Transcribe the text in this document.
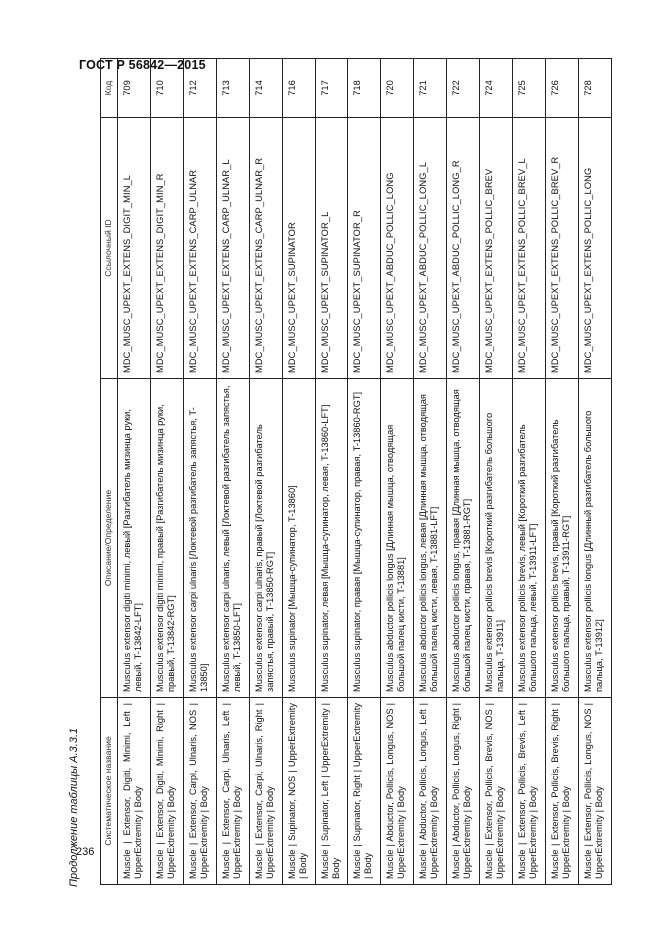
ГОСТ Р 56842—2015
Продолжение таблицы А.3.3.1	Систематическое название	Описание/Определение	Ссылочный ID	Код
Muscle | Extensor, Digiti, Minimi, Left | UpperExtremity | Body	Musculus extensor digiti minimi, левый [Разгибатель мизинца руки, левый, T-13842-LFT]	MDC_MUSC_UPEXT_EXTENS_DIGIT_MIN_L	709
Muscle | Extensor, Digiti, Minimi, Right | UpperExtremity | Body	Musculus extensor digiti minimi, правый [Разгибатель мизинца руки, правый, T-13842-RGT]	MDC_MUSC_UPEXT_EXTENS_DIGIT_MIN_R	710
Muscle | Extensor, Carpi, Ulnaris, NOS | UpperExtremity | Body	Musculus extensor carpi ulnaris [Локтевой разгибатель запястья, T-13850]	MDC_MUSC_UPEXT_EXTENS_CARP_ULNAR	712
Muscle | Extensor, Carpi, Ulnaris, Left | UpperExtremity | Body	Musculus extensor carpi ulnaris, левый [Локтевой разгибатель запястья, левый, T-13850-LFT]	MDC_MUSC_UPEXT_EXTENS_CARP_ULNAR_L	713
Muscle | Extensor, Carpi, Ulnaris, Right | UpperExtremity | Body	Musculus extensor carpi ulnaris, правый [Локтевой разгибатель запястья, правый, T-13850-RGT]	MDC_MUSC_UPEXT_EXTENS_CARP_ULNAR_R	714
Muscle | Supinator, NOS | UpperExtremity | Body	Musculus supinator [Мышца-супинатор, T-13860]	MDC_MUSC_UPEXT_SUPINATOR	716
Muscle | Supinator, Left | UpperExtremity | Body	Musculus supinator, левая [Мышца-супинатор, левая, T-13860-LFT]	MDC_MUSC_UPEXT_SUPINATOR_L	717
Muscle | Supinator, Right | UpperExtremity | Body	Musculus supinator, правая [Мышца-супинатор, правая, T-13860-RGT]	MDC_MUSC_UPEXT_SUPINATOR_R	718
Muscle | Abductor, Pollicis, Longus, NOS | UpperExtremity | Body	Musculus abductor pollicis longus [Длинная мышца, отводящая большой палец кисти, T-13881]	MDC_MUSC_UPEXT_ABDUC_POLLIC_LONG	720
Muscle | Abductor, Pollicis, Longus, Left | UpperExtremity | Body	Musculus abductor pollicis longus, левая [Длинная мышца, отводящая большой палец кисти, левая, T-13881-LFT]	MDC_MUSC_UPEXT_ABDUC_POLLIC_LONG_L	721
Muscle | Abductor, Pollicis, Longus, Right | UpperExtremity | Body	Musculus abductor pollicis longus, правая [Длинная мышца, отводящая большой палец кисти, правая, T-13881-RGT]	MDC_MUSC_UPEXT_ABDUC_POLLIC_LONG_R	722
Muscle | Extensor, Pollicis, Brevis, NOS | UpperExtremity | Body	Musculus extensor pollicis brevis [Короткий разгибатель большого пальца, T-13911]	MDC_MUSC_UPEXT_EXTENS_POLLIC_BREV	724
Muscle | Extensor, Pollicis, Brevis, Left | UpperExtremity | Body	Musculus extensor pollicis brevis, левый [Короткий разгибатель большого пальца, левый, T-13911-LFT]	MDC_MUSC_UPEXT_EXTENS_POLLIC_BREV_L	725
Muscle | Extensor, Pollicis, Brevis, Right | UpperExtremity | Body	Musculus extensor pollicis brevis, правый [Короткий разгибатель большого пальца, правый, T-13911-RGT]	MDC_MUSC_UPEXT_EXTENS_POLLIC_BREV_R	726
Muscle | Extensor, Pollicis, Longus, NOS | UpperExtremity | Body	Musculus extensor pollicis longus [Длинный разгибатель большого пальца, T-13912]	MDC_MUSC_UPEXT_EXTENS_POLLIC_LONG	728
236
